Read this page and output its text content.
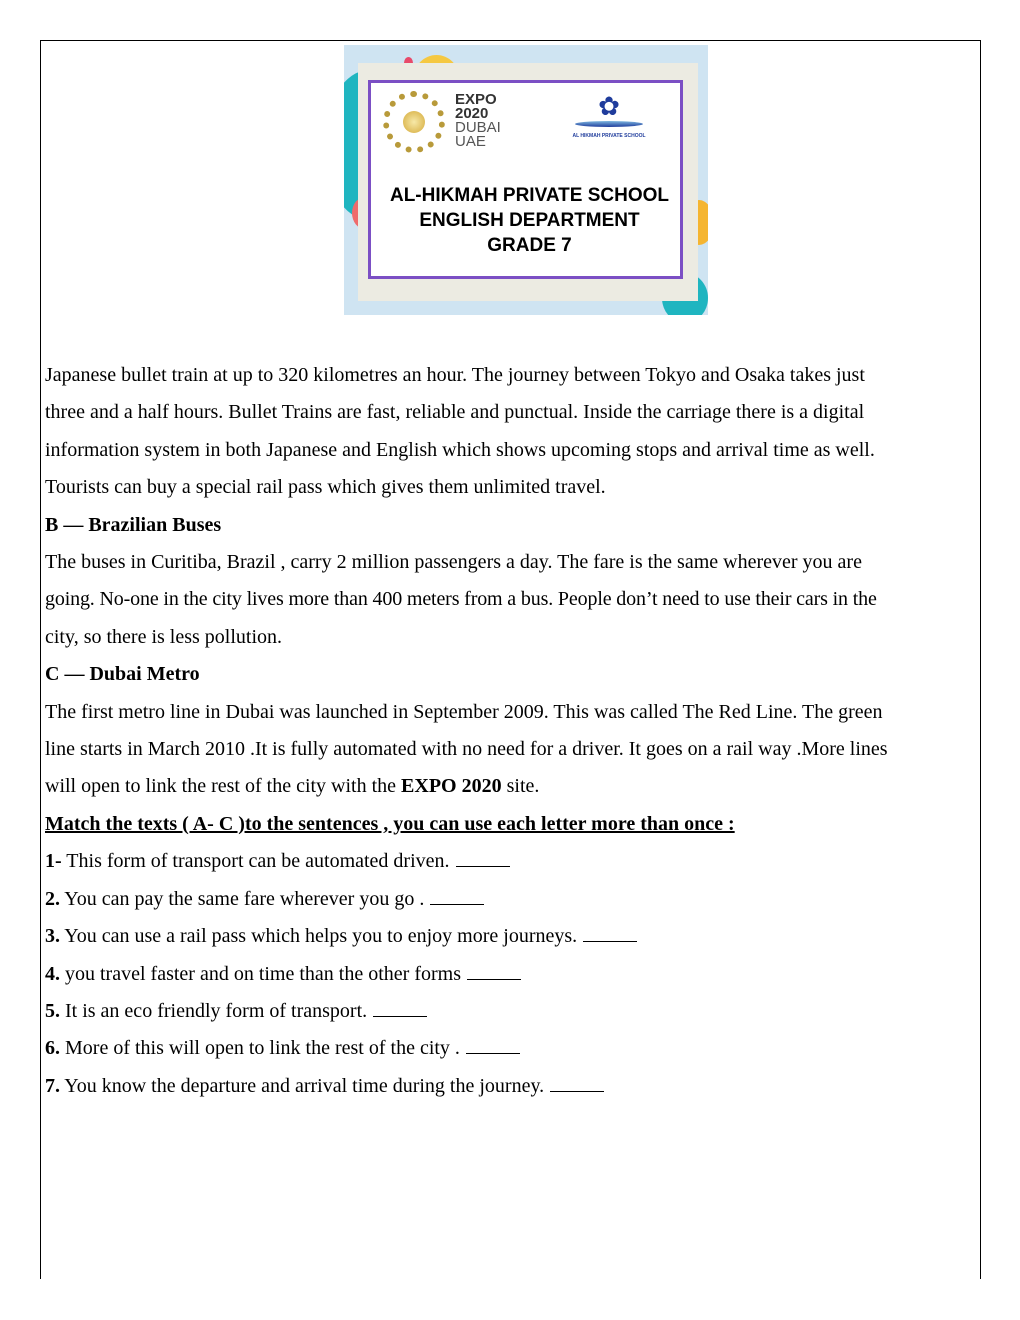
EXPO
2020
DUBAI
UAE
✿
AL HIKMAH PRIVATE SCHOOL
AL-HIKMAH PRIVATE SCHOOL
ENGLISH DEPARTMENT
GRADE 7

Japanese bullet train at up to 320 kilometres an hour. The journey between Tokyo and Osaka takes just

three and a half hours. Bullet Trains are fast, reliable and punctual. Inside the carriage there is a digital

information system in both Japanese and English which shows upcoming stops and arrival time as well.

Tourists can buy a special rail pass which gives them unlimited travel.

B — Brazilian Buses

The buses in Curitiba, Brazil , carry 2 million passengers a day. The fare is the same wherever you are

going. No-one in the city lives more than 400 meters from a bus. People don’t need to use their cars in the

city, so there is less pollution.

C — Dubai Metro

The first metro line in Dubai was launched in September 2009. This was called The Red Line. The green

line starts in March 2010 .It is fully automated with no need for a driver. It goes on a rail way .More lines

will open to link the rest of the city with the EXPO 2020 site.

Match the texts ( A- C )to the sentences , you can use each letter more than once :

1- This form of transport can be automated driven.

2. You can pay the same fare wherever you go .

3. You can use a rail pass which helps you to enjoy more journeys.

4. you travel faster and on time than the other forms

5. It is an eco friendly form of transport.

6. More of this will open to link the rest of the city .

7. You know the departure and arrival time during the journey.
